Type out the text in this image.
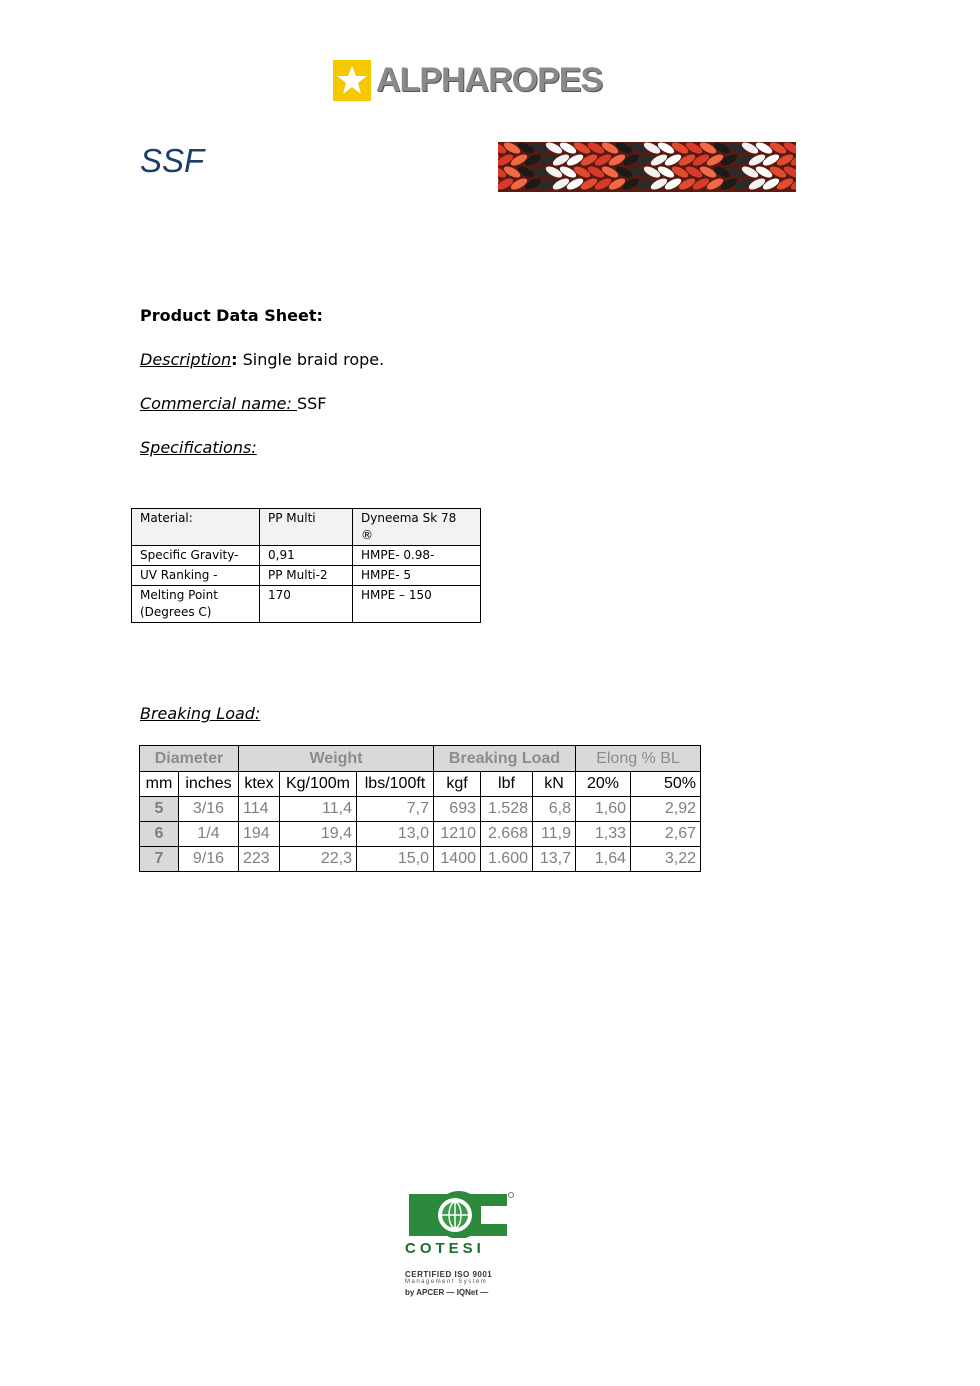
ALPHAROPES
SSF
Product Data Sheet:
Description: Single braid rope.
Commercial name: SSF
Specifications:
Material:	PP Multi	Dyneema Sk 78 ®
Specific Gravity-	0,91	HMPE- 0.98-
UV Ranking -	PP Multi-2	HMPE- 5
Melting Point
(Degrees C)	170	HMPE – 150
Breaking Load:
Diameter		Weight			Breaking Load			Elong % BL	
mm	inches	ktex	Kg/100m	lbs/100ft	kgf	lbf	kN	20%	50%
5	3/16	114	11,4	7,7	693	1.528	6,8	1,60	2,92
6	1/4	194	19,4	13,0	1210	2.668	11,9	1,33	2,67
7	9/16	223	22,3	15,0	1400	1.600	13,7	1,64	3,22
COTESI
CERTIFIED ISO 9001
Management System
by APCER — IQNet —
